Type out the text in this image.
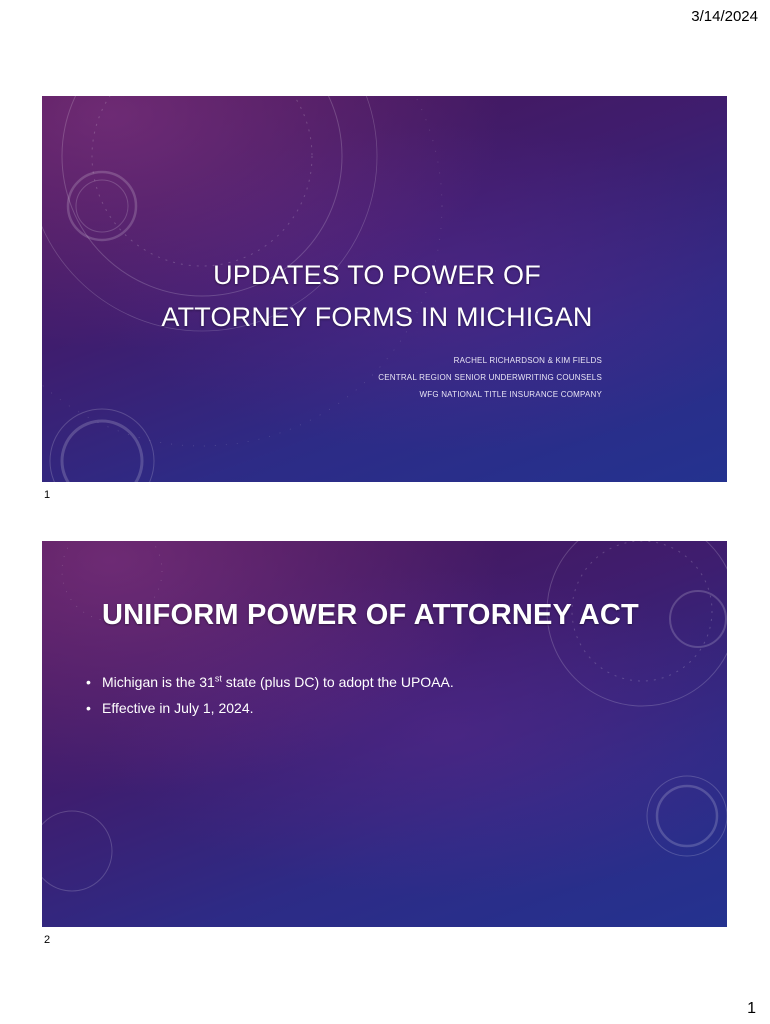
3/14/2024
UPDATES TO POWER OF
ATTORNEY FORMS IN MICHIGAN
RACHEL RICHARDSON & KIM FIELDS
CENTRAL REGION SENIOR UNDERWRITING COUNSELS
WFG NATIONAL TITLE INSURANCE COMPANY
1
UNIFORM POWER OF ATTORNEY ACT
• Michigan is the 31st state (plus DC) to adopt the UPOAA.
• Effective in July 1, 2024.
2
1
